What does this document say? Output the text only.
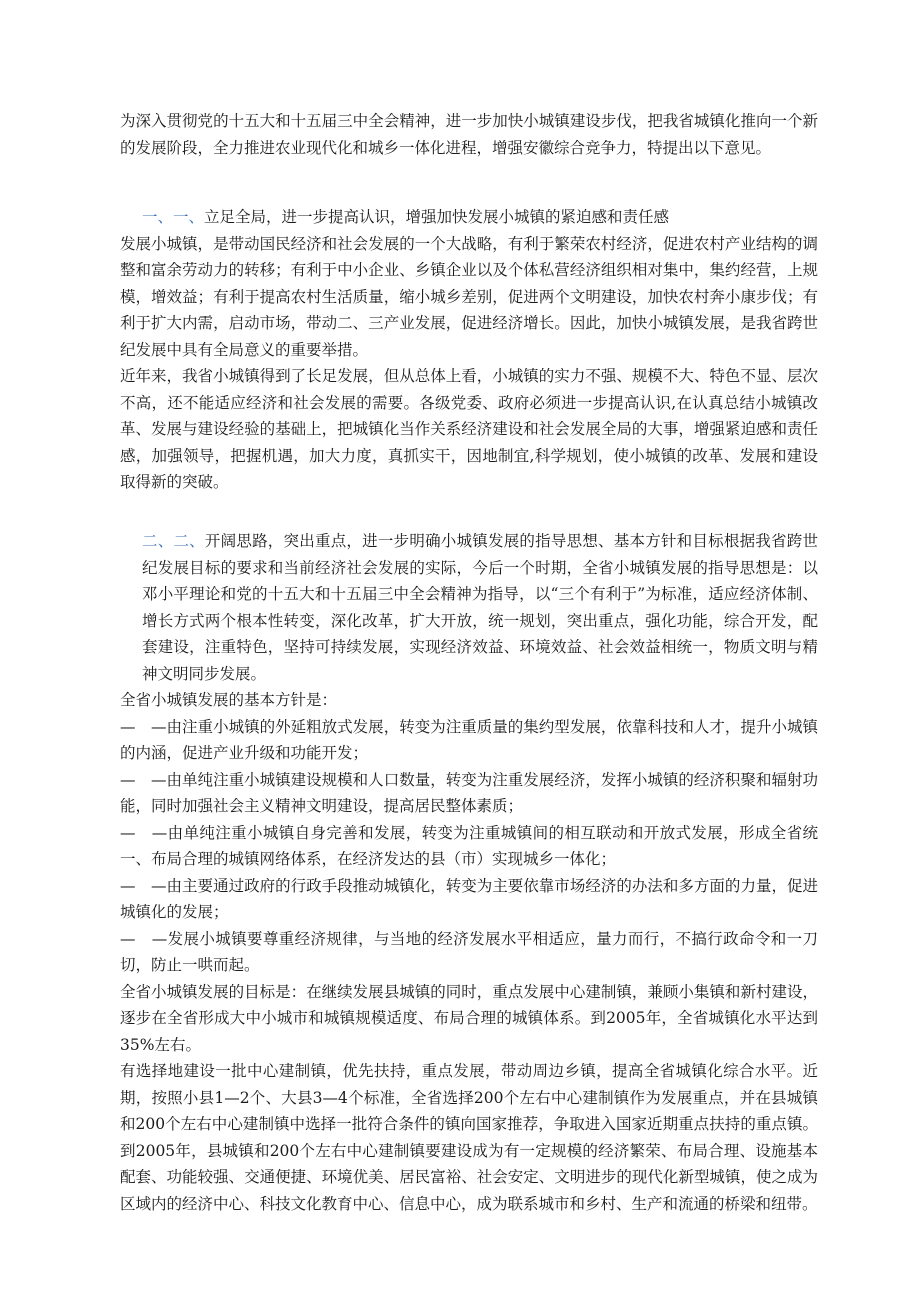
为深入贯彻党的十五大和十五届三中全会精神，进一步加快小城镇建设步伐，把我省城镇化推向一个新的发展阶段，全力推进农业现代化和城乡一体化进程，增强安徽综合竞争力，特提出以下意见。

一、一、立足全局，进一步提高认识，增强加快发展小城镇的紧迫感和责任感

发展小城镇，是带动国民经济和社会发展的一个大战略，有利于繁荣农村经济，促进农村产业结构的调整和富余劳动力的转移；有利于中小企业、乡镇企业以及个体私营经济组织相对集中，集约经营，上规模，增效益；有利于提高农村生活质量，缩小城乡差别，促进两个文明建设，加快农村奔小康步伐；有利于扩大内需，启动市场，带动二、三产业发展，促进经济增长。因此，加快小城镇发展，是我省跨世纪发展中具有全局意义的重要举措。

近年来，我省小城镇得到了长足发展，但从总体上看，小城镇的实力不强、规模不大、特色不显、层次不高，还不能适应经济和社会发展的需要。各级党委、政府必须进一步提高认识,在认真总结小城镇改革、发展与建设经验的基础上，把城镇化当作关系经济建设和社会发展全局的大事，增强紧迫感和责任感，加强领导，把握机遇，加大力度，真抓实干，因地制宜,科学规划，使小城镇的改革、发展和建设取得新的突破。

二、二、开阔思路，突出重点，进一步明确小城镇发展的指导思想、基本方针和目标根据我省跨世纪发展目标的要求和当前经济社会发展的实际，今后一个时期，全省小城镇发展的指导思想是：以邓小平理论和党的十五大和十五届三中全会精神为指导，以“三个有利于”为标准，适应经济体制、增长方式两个根本性转变，深化改革，扩大开放，统一规划，突出重点，强化功能，综合开发，配套建设，注重特色，坚持可持续发展，实现经济效益、环境效益、社会效益相统一，物质文明与精神文明同步发展。

全省小城镇发展的基本方针是：

—　—由注重小城镇的外延粗放式发展，转变为注重质量的集约型发展，依靠科技和人才，提升小城镇的内涵，促进产业升级和功能开发；

—　—由单纯注重小城镇建设规模和人口数量，转变为注重发展经济，发挥小城镇的经济积聚和辐射功能，同时加强社会主义精神文明建设，提高居民整体素质；

—　—由单纯注重小城镇自身完善和发展，转变为注重城镇间的相互联动和开放式发展，形成全省统一、布局合理的城镇网络体系，在经济发达的县（市）实现城乡一体化；

—　—由主要通过政府的行政手段推动城镇化，转变为主要依靠市场经济的办法和多方面的力量，促进城镇化的发展；

—　—发展小城镇要尊重经济规律，与当地的经济发展水平相适应，量力而行，不搞行政命令和一刀切，防止一哄而起。

全省小城镇发展的目标是：在继续发展县城镇的同时，重点发展中心建制镇，兼顾小集镇和新村建设，逐步在全省形成大中小城市和城镇规模适度、布局合理的城镇体系。到2005年，全省城镇化水平达到35%左右。

有选择地建设一批中心建制镇，优先扶持，重点发展，带动周边乡镇，提高全省城镇化综合水平。近期，按照小县1—2个、大县3—4个标准，全省选择200个左右中心建制镇作为发展重点，并在县城镇和200个左右中心建制镇中选择一批符合条件的镇向国家推荐，争取进入国家近期重点扶持的重点镇。到2005年，县城镇和200个左右中心建制镇要建设成为有一定规模的经济繁荣、布局合理、设施基本配套、功能较强、交通便捷、环境优美、居民富裕、社会安定、文明进步的现代化新型城镇，使之成为区域内的经济中心、科技文化教育中心、信息中心，成为联系城市和乡村、生产和流通的桥梁和纽带。
